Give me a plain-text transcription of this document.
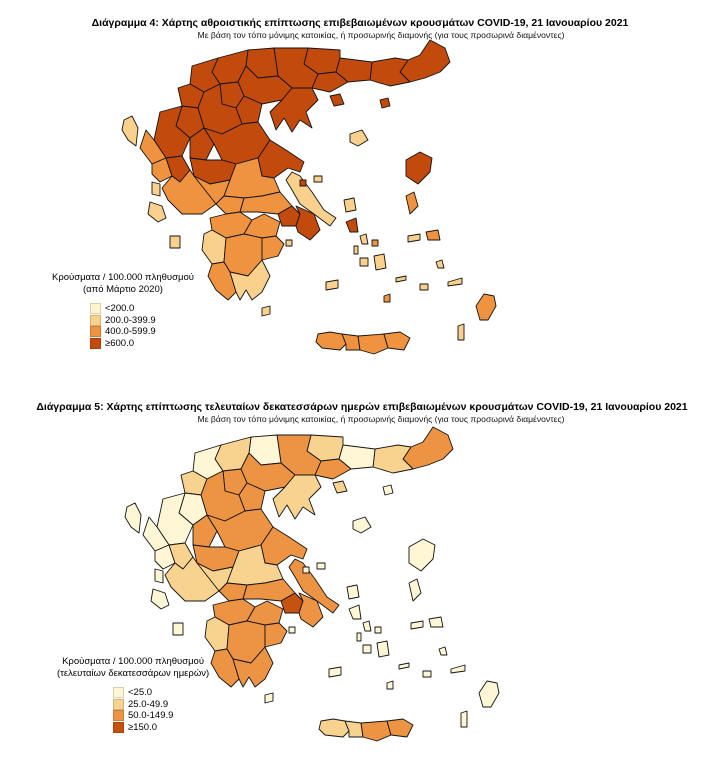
Διάγραμμα 4: Χάρτης αθροιστικής επίπτωσης επιβεβαιωμένων κρουσμάτων COVID-19, 21 Ιανουαρίου 2021
Με βάση τον τόπο μόνιμης κατοικίας, ή προσωρινής διαμονής (για τους προσωρινά διαμένοντες)
Κρούσματα / 100.000 πληθυσμού
(από Μάρτιο 2020)
<200.0
200.0-399.9
400.0-599.9
≥600.0
Διάγραμμα 5: Χάρτης επίπτωσης τελευταίων δεκατεσσάρων ημερών επιβεβαιωμένων κρουσμάτων COVID-19, 21 Ιανουαρίου 2021
Με βάση τον τόπο μόνιμης κατοικίας, ή προσωρινής διαμονής (για τους προσωρινά διαμένοντες)
Κρούσματα / 100.000 πληθυσμού
(τελευταίων δεκατεσσάρων ημερών)
<25.0
25.0-49.9
50.0-149.9
≥150.0
